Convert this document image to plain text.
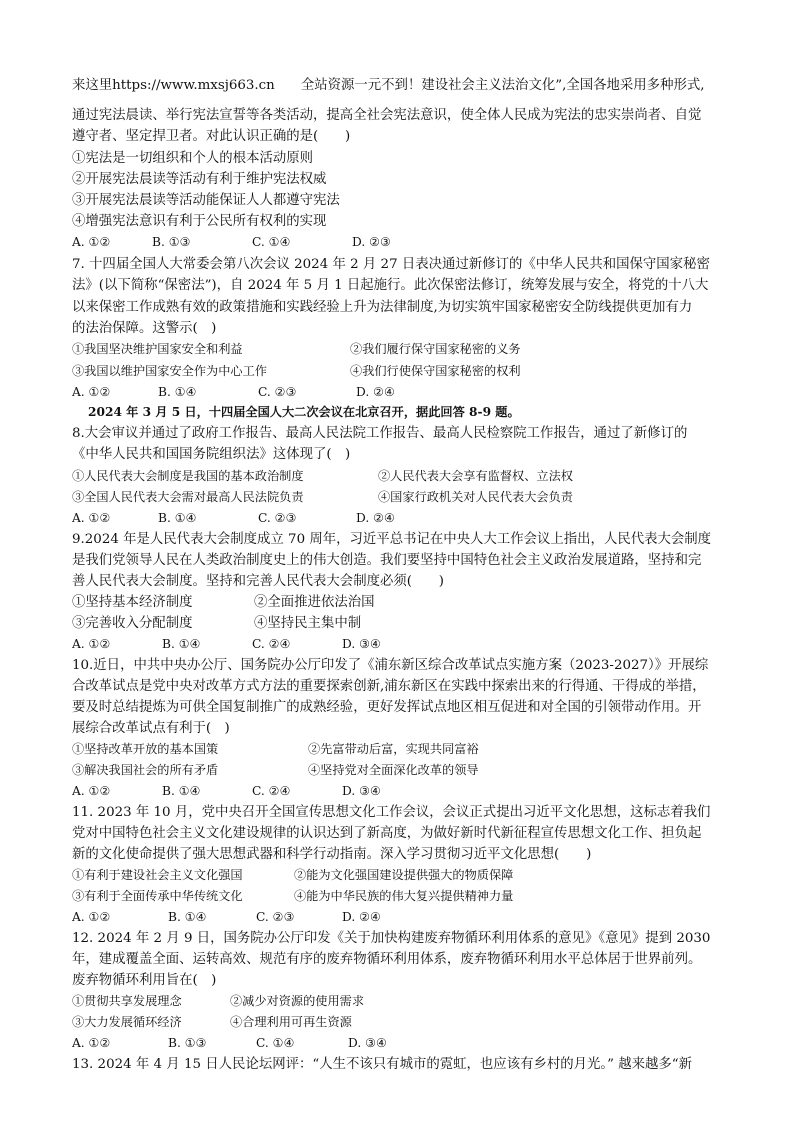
来这里https://www.mxsj663.cn 全站资源一元不到！建设社会主义法治文化”,全国各地采用多种形式,
通过宪法晨读、举行宪法宣誓等各类活动，提高全社会宪法意识，使全体人民成为宪法的忠实崇尚者、自觉
遵守者、坚定捍卫者。对此认识正确的是(　　)
①宪法是一切组织和个人的根本活动原则
②开展宪法晨读等活动有利于维护宪法权威
③开展宪法晨读等活动能保证人人都遵守宪法
④增强宪法意识有利于公民所有权利的实现
A. ①②	B. ①③	C. ①④	D. ②③
7. 十四届全国人大常委会第八次会议 2024 年 2 月 27 日表决通过新修订的《中华人民共和国保守国家秘密
法》(以下简称“保密法”)，自 2024 年 5 月 1 日起施行。此次保密法修订，统筹发展与安全，将党的十八大
以来保密工作成熟有效的政策措施和实践经验上升为法律制度,为切实筑牢国家秘密安全防线提供更加有力
的法治保障。这警示(　)
①我国坚决维护国家安全和利益	②我们履行保守国家秘密的义务
③我国以维护国家安全作为中心工作	④我们行使保守国家秘密的权利
A. ①②	B. ①④	C. ②③	D. ②④
2024 年 3 月 5 日，十四届全国人大二次会议在北京召开，据此回答 8-9 题。
8.大会审议并通过了政府工作报告、最高人民法院工作报告、最高人民检察院工作报告，通过了新修订的
《中华人民共和国国务院组织法》这体现了(　)
①人民代表大会制度是我国的基本政治制度	②人民代表大会享有监督权、立法权
③全国人民代表大会需对最高人民法院负责	④国家行政机关对人民代表大会负责
A. ①②	B. ①④	C. ②③	D. ②④
9.2024 年是人民代表大会制度成立 70 周年，习近平总书记在中央人大工作会议上指出，人民代表大会制度
是我们党领导人民在人类政治制度史上的伟大创造。我们要坚持中国特色社会主义政治发展道路，坚持和完
善人民代表大会制度。坚持和完善人民代表大会制度必须(　　)
①坚持基本经济制度	②全面推进依法治国
③完善收入分配制度	④坚持民主集中制
A. ①②	B. ①④	C. ②④	D. ③④
10.近日，中共中央办公厅、国务院办公厅印发了《浦东新区综合改革试点实施方案（2023-2027）》开展综
合改革试点是党中央对改革方式方法的重要探索创新,浦东新区在实践中探索出来的行得通、干得成的举措，
要及时总结提炼为可供全国复制推广的成熟经验，更好发挥试点地区相互促进和对全国的引领带动作用。开
展综合改革试点有利于(　)
①坚持改革开放的基本国策	②先富带动后富，实现共同富裕
③解决我国社会的所有矛盾	④坚持党对全面深化改革的领导
A. ①②	B. ①④	C. ②④	D. ③④
11. 2023 年 10 月，党中央召开全国宣传思想文化工作会议，会议正式提出习近平文化思想，这标志着我们
党对中国特色社会主义文化建设规律的认识达到了新高度，为做好新时代新征程宣传思想文化工作、担负起
新的文化使命提供了强大思想武器和科学行动指南。深入学习贯彻习近平文化思想(　　)
①有利于建设社会主义文化强国	②能为文化强国建设提供强大的物质保障
③有利于全面传承中华传统文化	④能为中华民族的伟大复兴提供精神力量
A. ①②	B. ①④	C. ②③	D. ②④
12. 2024 年 2 月 9 日，国务院办公厅印发《关于加快构建废弃物循环利用体系的意见》《意见》提到 2030
年，建成覆盖全面、运转高效、规范有序的废弃物循环利用体系，废弃物循环利用水平总体居于世界前列。
废弃物循环利用旨在(　)
①贯彻共享发展理念	②减少对资源的使用需求
③大力发展循环经济	④合理利用可再生资源
A. ①②	B. ①③	C. ①④	D. ③④
13. 2024 年 4 月 15 日人民论坛网评：“人生不该只有城市的霓虹，也应该有乡村的月光。” 越来越多“新
